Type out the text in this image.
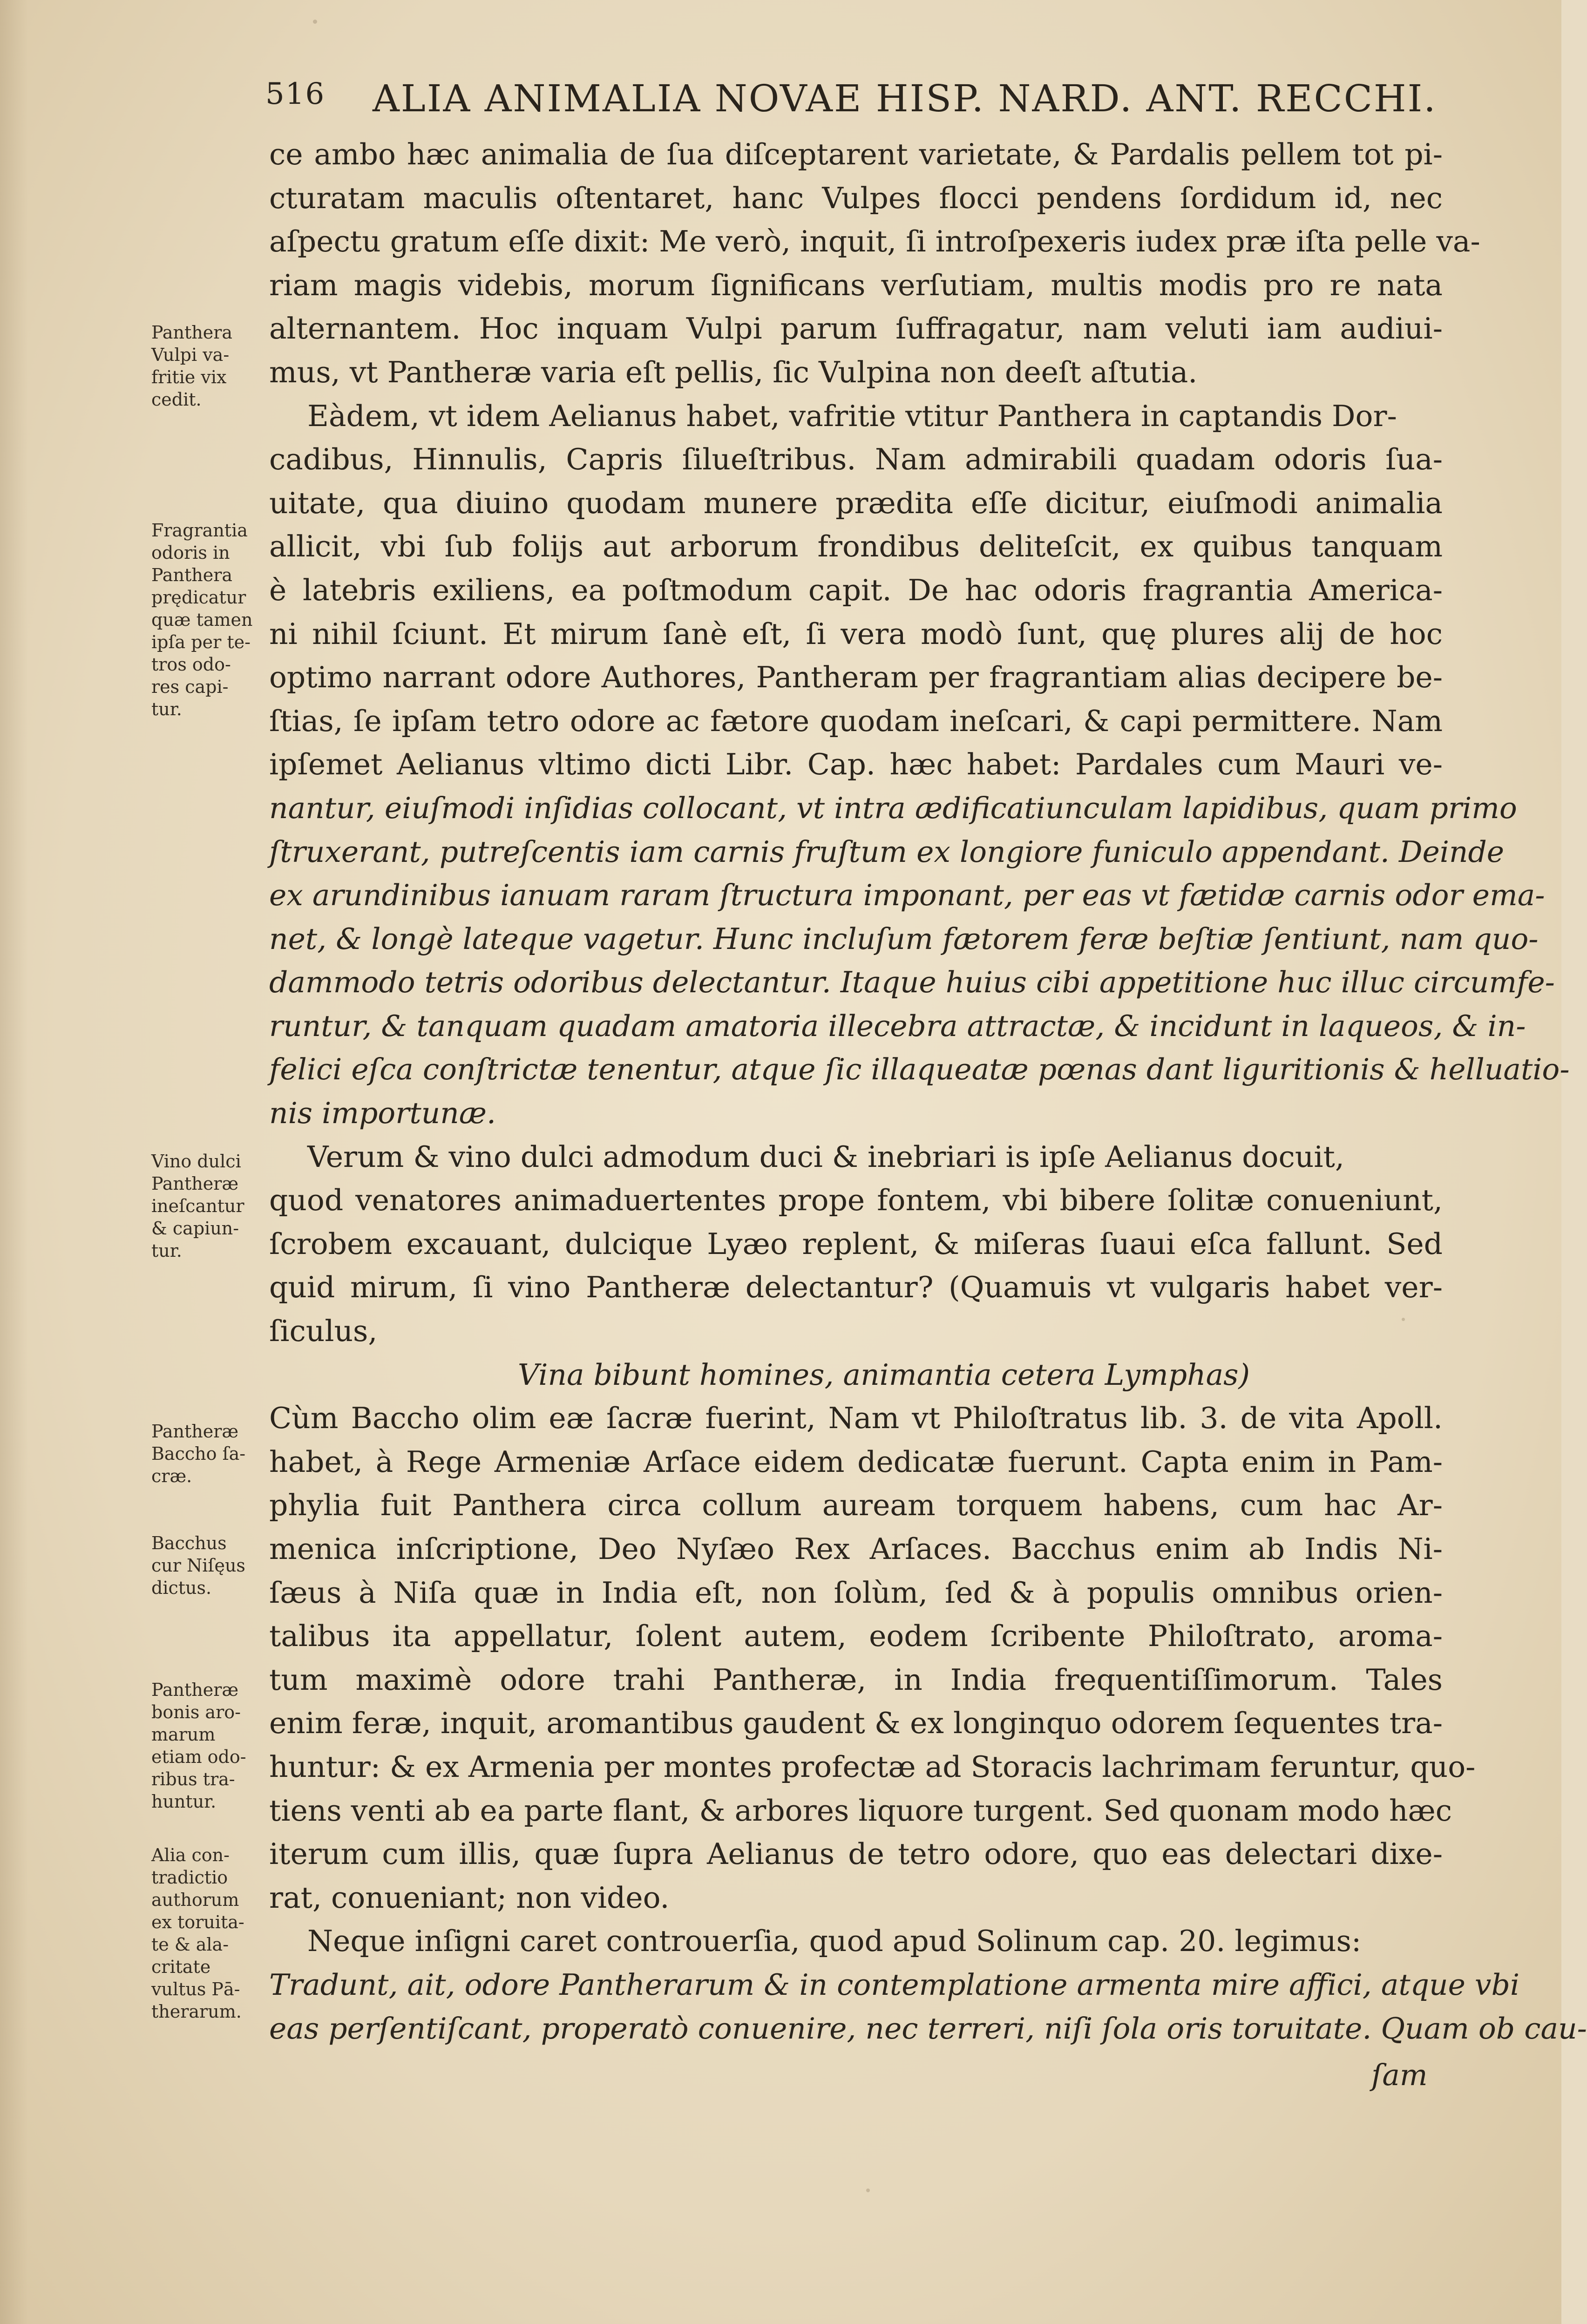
516 ALIA ANIMALIA NOVAE HISP. NARD. ANT. RECCHI.
ce ambo hæc animalia de ſua diſceptarent varietate, & Pardalis pellem tot pi-
cturatam maculis oſtentaret, hanc Vulpes flocci pendens ſordidum id, nec
aſpectu gratum eſſe dixit: Me verò, inquit, ſi introſpexeris iudex præ iſta pelle va-
riam magis videbis, morum ſignificans verſutiam, multis modis pro re nata
alternantem. Hoc inquam Vulpi parum ſuffragatur, nam veluti iam audiui-
mus, vt Pantheræ varia eſt pellis, ſic Vulpina non deeſt aſtutia.
Eàdem, vt idem Aelianus habet, vafritie vtitur Panthera in captandis Dor-
cadibus, Hinnulis, Capris ſilueſtribus. Nam admirabili quadam odoris ſua-
uitate, qua diuino quodam munere prædita eſſe dicitur, eiuſmodi animalia
allicit, vbi ſub folijs aut arborum frondibus deliteſcit, ex quibus tanquam
è latebris exiliens, ea poſtmodum capit. De hac odoris fragrantia America-
ni nihil ſciunt. Et mirum ſanè eſt, ſi vera modò ſunt, quę plures alij de hoc
optimo narrant odore Authores, Pantheram per fragrantiam alias decipere be-
ſtias, ſe ipſam tetro odore ac fætore quodam ineſcari, & capi permittere. Nam
ipſemet Aelianus vltimo dicti Libr. Cap. hæc habet: Pardales cum Mauri ve-
nantur, eiuſmodi inſidias collocant, vt intra ædificatiunculam lapidibus, quam primo
ſtruxerant, putreſcentis iam carnis fruſtum ex longiore funiculo appendant. Deinde
ex arundinibus ianuam raram ſtructura imponant, per eas vt fætidæ carnis odor ema-
net, & longè lateque vagetur. Hunc incluſum fætorem feræ beſtiæ ſentiunt, nam quo-
dammodo tetris odoribus delectantur. Itaque huius cibi appetitione huc illuc circumfe-
runtur, & tanquam quadam amatoria illecebra attractæ, & incidunt in laqueos, & in-
felici eſca conſtrictæ tenentur, atque ſic illaqueatæ pœnas dant liguritionis & helluatio-
nis importunæ.
Verum & vino dulci admodum duci & inebriari is ipſe Aelianus docuit,
quod venatores animaduertentes prope fontem, vbi bibere ſolitæ conueniunt,
ſcrobem excauant, dulcique Lyæo replent, & miſeras ſuaui eſca fallunt. Sed
quid mirum, ſi vino Pantheræ delectantur? (Quamuis vt vulgaris habet ver-
ſiculus,
Vina bibunt homines, animantia cetera Lymphas)
Cùm Baccho olim eæ ſacræ fuerint, Nam vt Philoſtratus lib. 3. de vita Apoll.
habet, à Rege Armeniæ Arſace eidem dedicatæ fuerunt. Capta enim in Pam-
phylia fuit Panthera circa collum auream torquem habens, cum hac Ar-
menica inſcriptione, Deo Nyſæo Rex Arſaces. Bacchus enim ab Indis Ni-
ſæus à Niſa quæ in India eſt, non ſolùm, ſed & à populis omnibus orien-
talibus ita appellatur, ſolent autem, eodem ſcribente Philoſtrato, aroma-
tum maximè odore trahi Pantheræ, in India frequentiſſimorum. Tales
enim feræ, inquit, aromantibus gaudent & ex longinquo odorem ſequentes tra-
huntur: & ex Armenia per montes profectæ ad Storacis lachrimam feruntur, quo-
tiens venti ab ea parte flant, & arbores liquore turgent. Sed quonam modo hæc
iterum cum illis, quæ ſupra Aelianus de tetro odore, quo eas delectari dixe-
rat, conueniant; non video.
Neque inſigni caret controuerſia, quod apud Solinum cap. 20. legimus:
Tradunt, ait, odore Pantherarum & in contemplatione armenta mire affici, atque vbi
eas perſentiſcant, properatò conuenire, nec terreri, niſi ſola oris toruitate. Quam ob cau-
Panthera
Vulpi va-
fritie vix
cedit.
Fragrantia
odoris in
Panthera
prędicatur
quæ tamen
ipſa per te-
tros odo-
res capi-
tur.
Vino dulci
Pantheræ
ineſcantur
& capiun-
tur.
Pantheræ
Baccho ſa-
cræ.
Bacchus
cur Niſęus
dictus.
Pantheræ
bonis aro-
marum
etiam odo-
ribus tra-
huntur.
Alia con-
tradictio
authorum
ex toruita-
te & ala-
critate
vultus Pā-
therarum.
ſam
